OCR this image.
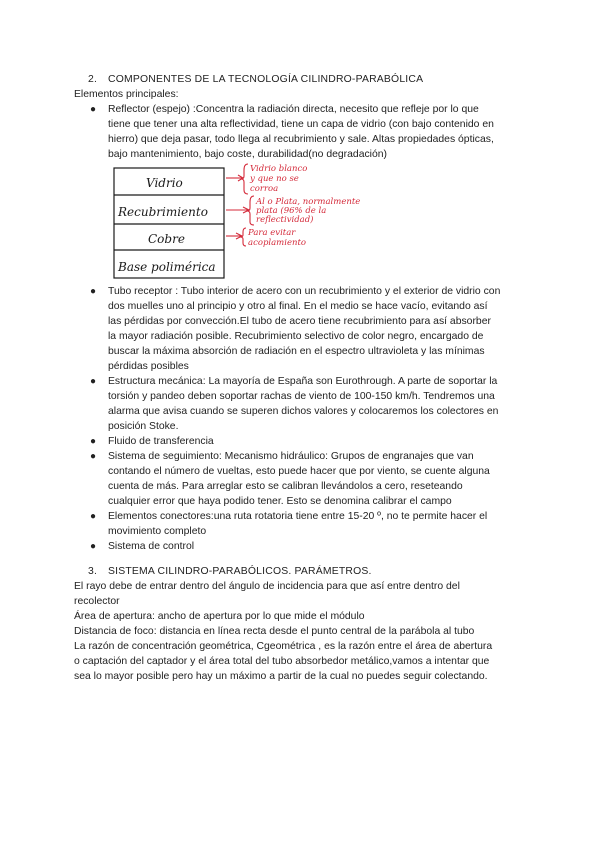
2. COMPONENTES DE LA TECNOLOGÍA CILINDRO-PARABÓLICA
Elementos principales:
● Reflector (espejo) :Concentra la radiación directa, necesito que refleje por lo que
tiene que tener una alta reflectividad, tiene un capa de vidrio (con bajo contenido en
hierro) que deja pasar, todo llega al recubrimiento y sale. Altas propiedades ópticas,
bajo mantenimiento, bajo coste, durabilidad(no degradación)
Vidrio
Recubrimiento
Cobre
Base polimérica
Vidrio blanco
y que no se
corroa
Al o Plata, normalmente
plata (96% de la
reflectividad)
Para evitar
acoplamiento
● Tubo receptor : Tubo interior de acero con un recubrimiento y el exterior de vidrio con
dos muelles uno al principio y otro al final. En el medio se hace vacío, evitando así
las pérdidas por convección.El tubo de acero tiene recubrimiento para así absorber
la mayor radiación posible. Recubrimiento selectivo de color negro, encargado de
buscar la máxima absorción de radiación en el espectro ultravioleta y las mínimas
pérdidas posibles
● Estructura mecánica: La mayoría de España son Eurothrough. A parte de soportar la
torsión y pandeo deben soportar rachas de viento de 100-150 km/h. Tendremos una
alarma que avisa cuando se superen dichos valores y colocaremos los colectores en
posición Stoke.
● Fluido de transferencia
● Sistema de seguimiento: Mecanismo hidráulico: Grupos de engranajes que van
contando el número de vueltas, esto puede hacer que por viento, se cuente alguna
cuenta de más. Para arreglar esto se calibran llevándolos a cero, reseteando
cualquier error que haya podido tener. Esto se denomina calibrar el campo
● Elementos conectores:una ruta rotatoria tiene entre 15-20 º, no te permite hacer el
movimiento completo
● Sistema de control
3. SISTEMA CILINDRO-PARABÓLICOS. PARÁMETROS.
El rayo debe de entrar dentro del ángulo de incidencia para que así entre dentro del
recolector
Área de apertura: ancho de apertura por lo que mide el módulo
Distancia de foco: distancia en línea recta desde el punto central de la parábola al tubo
La razón de concentración geométrica, Cgeométrica , es la razón entre el área de abertura
o captación del captador y el área total del tubo absorbedor metálico,vamos a intentar que
sea lo mayor posible pero hay un máximo a partir de la cual no puedes seguir colectando.
